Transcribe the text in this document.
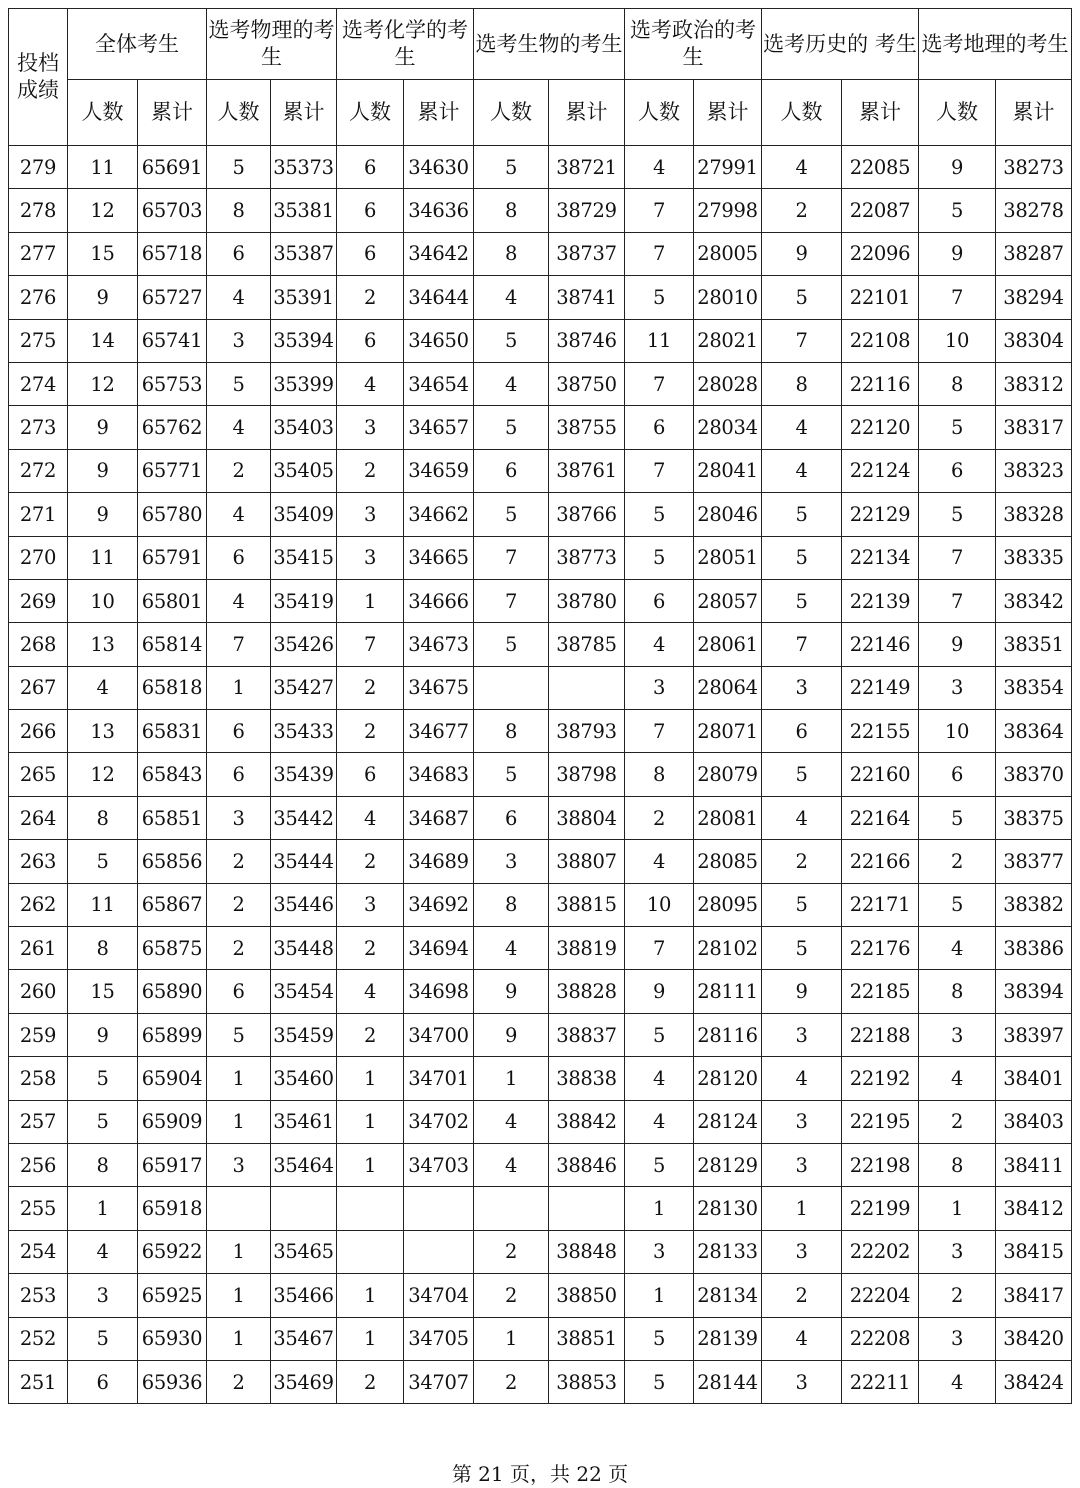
投档成绩	全体考生		选考物理的考生		选考化学的考生		选考生物的考生		选考政治的考生		选考历史的 考生		选考地理的考生	
	人数	累计	人数	累计	人数	累计	人数	累计	人数	累计	人数	累计	人数	累计
279	11	65691	5	35373	6	34630	5	38721	4	27991	4	22085	9	38273
278	12	65703	8	35381	6	34636	8	38729	7	27998	2	22087	5	38278
277	15	65718	6	35387	6	34642	8	38737	7	28005	9	22096	9	38287
276	9	65727	4	35391	2	34644	4	38741	5	28010	5	22101	7	38294
275	14	65741	3	35394	6	34650	5	38746	11	28021	7	22108	10	38304
274	12	65753	5	35399	4	34654	4	38750	7	28028	8	22116	8	38312
273	9	65762	4	35403	3	34657	5	38755	6	28034	4	22120	5	38317
272	9	65771	2	35405	2	34659	6	38761	7	28041	4	22124	6	38323
271	9	65780	4	35409	3	34662	5	38766	5	28046	5	22129	5	38328
270	11	65791	6	35415	3	34665	7	38773	5	28051	5	22134	7	38335
269	10	65801	4	35419	1	34666	7	38780	6	28057	5	22139	7	38342
268	13	65814	7	35426	7	34673	5	38785	4	28061	7	22146	9	38351
267	4	65818	1	35427	2	34675			3	28064	3	22149	3	38354
266	13	65831	6	35433	2	34677	8	38793	7	28071	6	22155	10	38364
265	12	65843	6	35439	6	34683	5	38798	8	28079	5	22160	6	38370
264	8	65851	3	35442	4	34687	6	38804	2	28081	4	22164	5	38375
263	5	65856	2	35444	2	34689	3	38807	4	28085	2	22166	2	38377
262	11	65867	2	35446	3	34692	8	38815	10	28095	5	22171	5	38382
261	8	65875	2	35448	2	34694	4	38819	7	28102	5	22176	4	38386
260	15	65890	6	35454	4	34698	9	38828	9	28111	9	22185	8	38394
259	9	65899	5	35459	2	34700	9	38837	5	28116	3	22188	3	38397
258	5	65904	1	35460	1	34701	1	38838	4	28120	4	22192	4	38401
257	5	65909	1	35461	1	34702	4	38842	4	28124	3	22195	2	38403
256	8	65917	3	35464	1	34703	4	38846	5	28129	3	22198	8	38411
255	1	65918							1	28130	1	22199	1	38412
254	4	65922	1	35465			2	38848	3	28133	3	22202	3	38415
253	3	65925	1	35466	1	34704	2	38850	1	28134	2	22204	2	38417
252	5	65930	1	35467	1	34705	1	38851	5	28139	4	22208	3	38420
251	6	65936	2	35469	2	34707	2	38853	5	28144	3	22211	4	38424
第 21 页，共 22 页
